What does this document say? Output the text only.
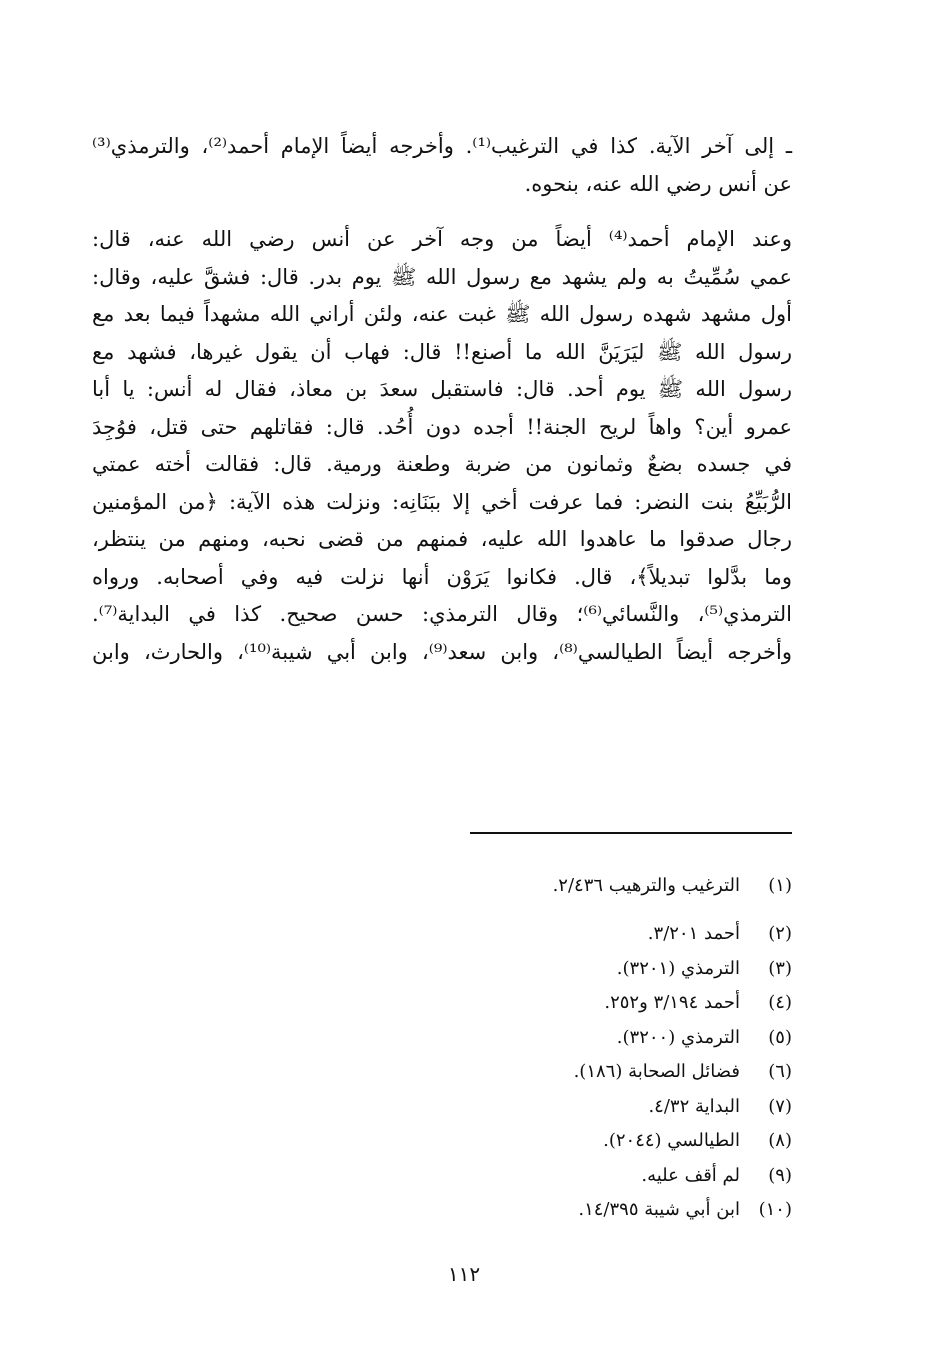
ـ إلى آخر الآية. كذا في الترغيب⁽¹⁾. وأخرجه أيضاً الإمام أحمد⁽²⁾، والترمذي⁽³⁾
عن أنس رضي الله عنه، بنحوه.

وعند الإمام أحمد⁽⁴⁾ أيضاً من وجه آخر عن أنس رضي الله عنه، قال:
عمي سُمِّيتُ به ولم يشهد مع رسول الله ﷺ يوم بدر. قال: فشقَّ عليه، وقال:
أول مشهد شهده رسول الله ﷺ غبت عنه، ولئن أراني الله مشهداً فيما بعد مع
رسول الله ﷺ ليَرَيَنَّ الله ما أصنع!! قال: فهاب أن يقول غيرها، فشهد مع
رسول الله ﷺ يوم أحد. قال: فاستقبل سعدَ بن معاذ، فقال له أنس: يا أبا
عمرو أين؟ واهاً لريح الجنة!! أجده دون أُحُد. قال: فقاتلهم حتى قتل، فوُجِدَ
في جسده بضعٌ وثمانون من ضربة وطعنة ورمية. قال: فقالت أخته عمتي
الرُّبَيِّعُ بنت النضر: فما عرفت أخي إلا ببَنَانِه: ونزلت هذه الآية: ﴿من المؤمنين
رجال صدقوا ما عاهدوا الله عليه، فمنهم من قضى نحبه، ومنهم من ينتظر،
وما بدَّلوا تبديلاً﴾، قال. فكانوا يَرَوْن أنها نزلت فيه وفي أصحابه. ورواه
الترمذي⁽⁵⁾، والنَّسائي⁽⁶⁾؛ وقال الترمذي: حسن صحيح. كذا في البداية⁽⁷⁾.
وأخرجه أيضاً الطيالسي⁽⁸⁾، وابن سعد⁽⁹⁾، وابن أبي شيبة⁽¹⁰⁾، والحارث، وابن

(١)
الترغيب والترهيب ٢/٤٣٦.
(٢)
أحمد ٣/٢٠١.
(٣)
الترمذي (٣٢٠١).
(٤)
أحمد ٣/١٩٤ و٢٥٢.
(٥)
الترمذي (٣٢٠٠).
(٦)
فضائل الصحابة (١٨٦).
(٧)
البداية ٤/٣٢.
(٨)
الطيالسي (٢٠٤٤).
(٩)
لم أقف عليه.
(١٠)
ابن أبي شيبة ١٤/٣٩٥.
١١٢
